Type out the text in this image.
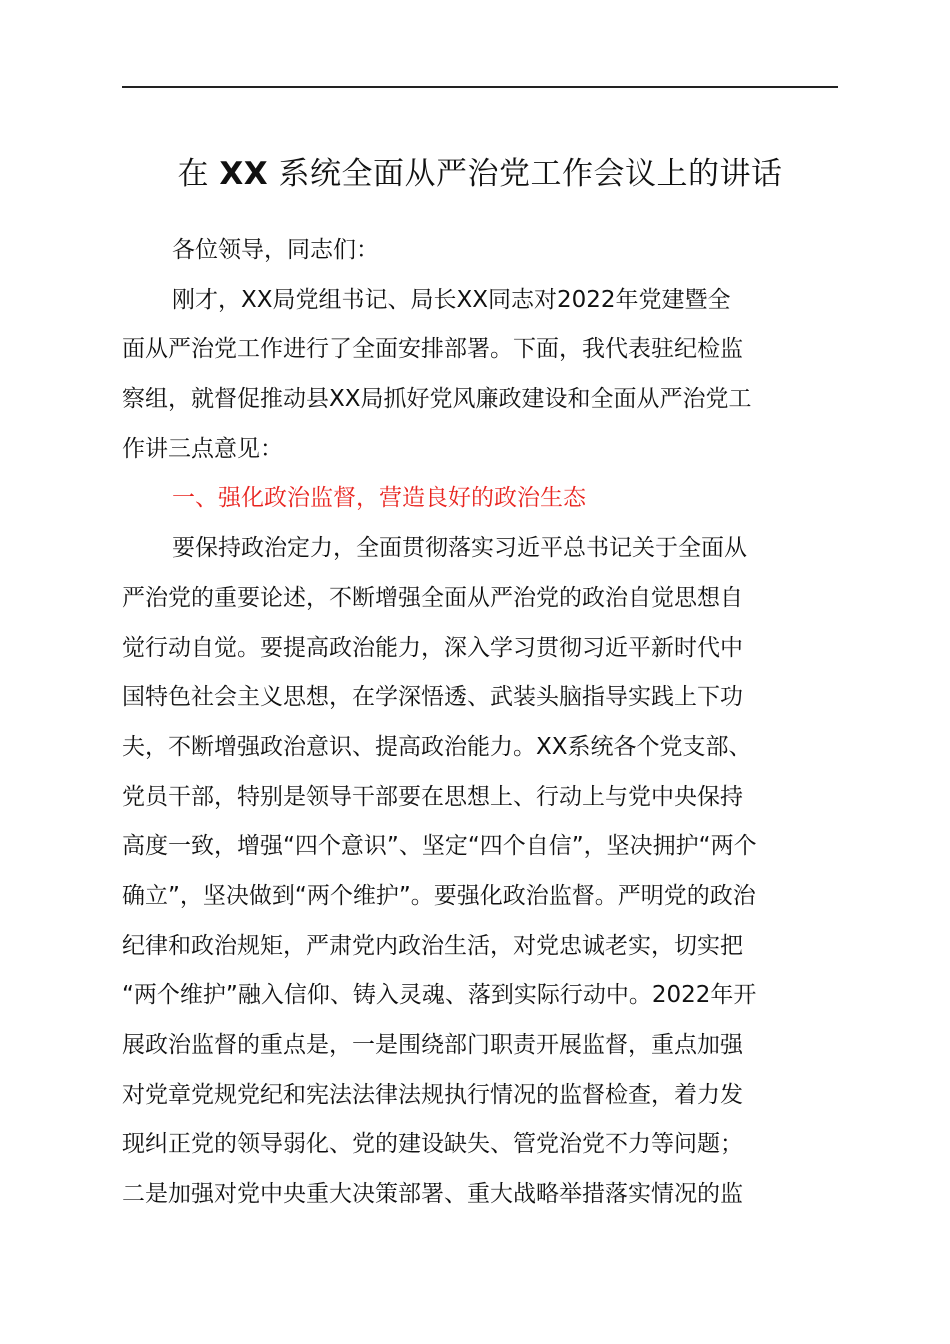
在 XX 系统全面从严治党工作会议上的讲话
各位领导，同志们：
刚才，XX局党组书记、局长XX同志对2022年党建暨全
面从严治党工作进行了全面安排部署。下面，我代表驻纪检监
察组，就督促推动县XX局抓好党风廉政建设和全面从严治党工
作讲三点意见：
一、强化政治监督，营造良好的政治生态
要保持政治定力，全面贯彻落实习近平总书记关于全面从
严治党的重要论述，不断增强全面从严治党的政治自觉思想自
觉行动自觉。要提高政治能力，深入学习贯彻习近平新时代中
国特色社会主义思想，在学深悟透、武装头脑指导实践上下功
夫，不断增强政治意识、提高政治能力。XX系统各个党支部、
党员干部，特别是领导干部要在思想上、行动上与党中央保持
高度一致，增强“四个意识”、坚定“四个自信”，坚决拥护“两个
确立”，坚决做到“两个维护”。要强化政治监督。严明党的政治
纪律和政治规矩，严肃党内政治生活，对党忠诚老实，切实把
“两个维护”融入信仰、铸入灵魂、落到实际行动中。2022年开
展政治监督的重点是，一是围绕部门职责开展监督，重点加强
对党章党规党纪和宪法法律法规执行情况的监督检查，着力发
现纠正党的领导弱化、党的建设缺失、管党治党不力等问题；
二是加强对党中央重大决策部署、重大战略举措落实情况的监
